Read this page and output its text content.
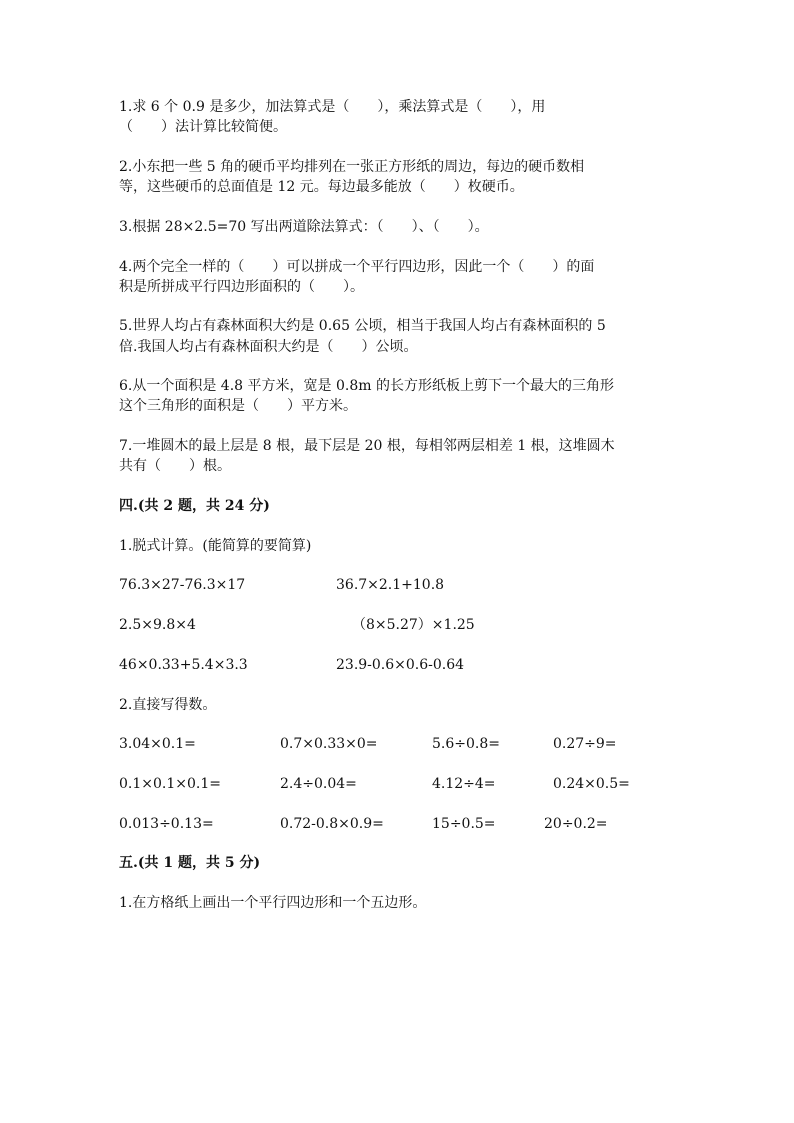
1.求 6 个 0.9 是多少，加法算式是（　　），乘法算式是（　　），用
（　　）法计算比较简便。
2.小东把一些 5 角的硬币平均排列在一张正方形纸的周边，每边的硬币数相
等，这些硬币的总面值是 12 元。每边最多能放（　　）枚硬币。
3.根据 28×2.5=70 写出两道除法算式：（　　）、（　　）。
4.两个完全一样的（　　）可以拼成一个平行四边形，因此一个（　　）的面
积是所拼成平行四边形面积的（　　）。
5.世界人均占有森林面积大约是 0.65 公顷，相当于我国人均占有森林面积的 5
倍.我国人均占有森林面积大约是（　　）公顷。
6.从一个面积是 4.8 平方米，宽是 0.8m 的长方形纸板上剪下一个最大的三角形
这个三角形的面积是（　　）平方米。
7.一堆圆木的最上层是 8 根，最下层是 20 根，每相邻两层相差 1 根，这堆圆木
共有（　　）根。
四.(共 2 题，共 24 分)
1.脱式计算。(能简算的要简算)
76.3×27-76.3×17	36.7×2.1+10.8
2.5×9.8×4	（8×5.27）×1.25
46×0.33+5.4×3.3	23.9-0.6×0.6-0.64
2.直接写得数。
3.04×0.1=	0.7×0.33×0=	5.6÷0.8=	0.27÷9=
0.1×0.1×0.1=	2.4÷0.04=	4.12÷4=	0.24×0.5=
0.013÷0.13=	0.72-0.8×0.9=	15÷0.5=	20÷0.2=
五.(共 1 题，共 5 分)
1.在方格纸上画出一个平行四边形和一个五边形。
